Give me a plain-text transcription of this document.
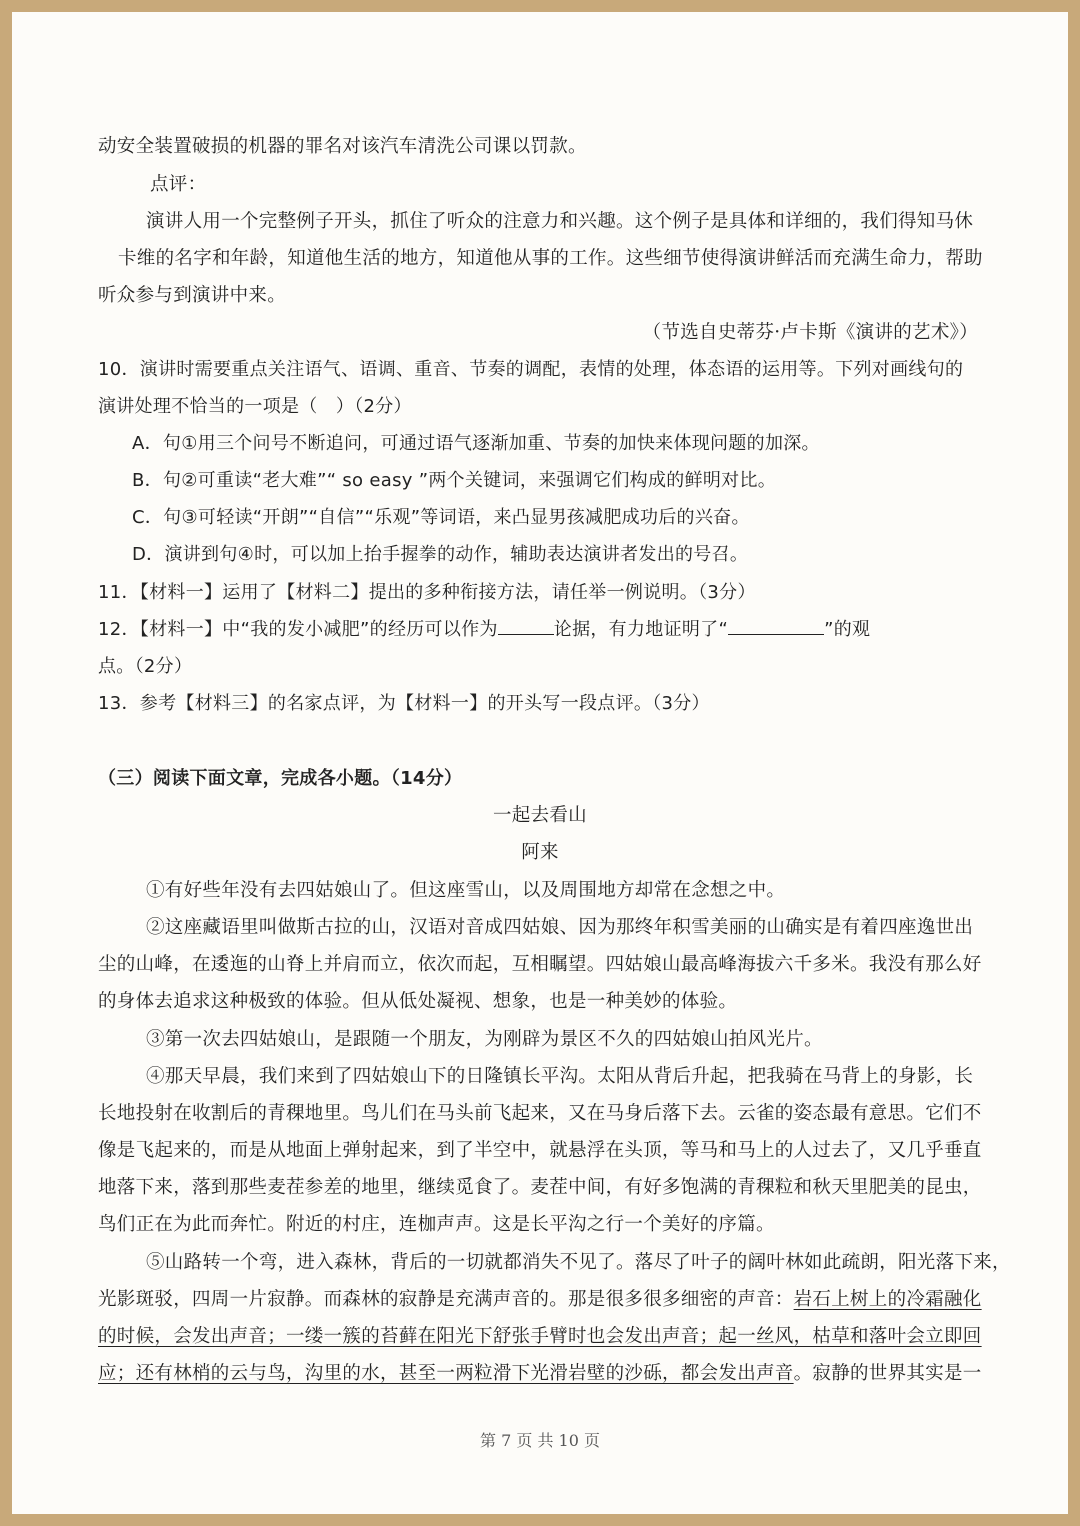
动安全装置破损的机器的罪名对该汽车清洗公司课以罚款。
点评：
演讲人用一个完整例子开头，抓住了听众的注意力和兴趣。这个例子是具体和详细的，我们得知马休
卡维的名字和年龄，知道他生活的地方，知道他从事的工作。这些细节使得演讲鲜活而充满生命力，帮助
听众参与到演讲中来。
（节选自史蒂芬·卢卡斯《演讲的艺术》）
10．演讲时需要重点关注语气、语调、重音、节奏的调配，表情的处理，体态语的运用等。下列对画线句的
演讲处理不恰当的一项是（　）（2分）
A．句①用三个问号不断追问，可通过语气逐渐加重、节奏的加快来体现问题的加深。
B．句②可重读“老大难”“ so easy ”两个关键词，来强调它们构成的鲜明对比。
C．句③可轻读“开朗”“自信”“乐观”等词语，来凸显男孩减肥成功后的兴奋。
D．演讲到句④时，可以加上抬手握拳的动作，辅助表达演讲者发出的号召。
11．【材料一】运用了【材料二】提出的多种衔接方法，请任举一例说明。（3分）
12．【材料一】中“我的发小减肥”的经历可以作为	论据，有力地证明了“	”的观
点。（2分）
13．参考【材料三】的名家点评，为【材料一】的开头写一段点评。（3分）
（三）阅读下面文章，完成各小题。（14分）
一起去看山
阿来
①有好些年没有去四姑娘山了。但这座雪山，以及周围地方却常在念想之中。
②这座藏语里叫做斯古拉的山，汉语对音成四姑娘、因为那终年积雪美丽的山确实是有着四座逸世出
尘的山峰，在逶迤的山脊上并肩而立，依次而起，互相瞩望。四姑娘山最高峰海拔六千多米。我没有那么好
的身体去追求这种极致的体验。但从低处凝视、想象，也是一种美妙的体验。
③第一次去四姑娘山，是跟随一个朋友，为刚辟为景区不久的四姑娘山拍风光片。
④那天早晨，我们来到了四姑娘山下的日隆镇长平沟。太阳从背后升起，把我骑在马背上的身影，长
长地投射在收割后的青稞地里。鸟儿们在马头前飞起来，又在马身后落下去。云雀的姿态最有意思。它们不
像是飞起来的，而是从地面上弹射起来，到了半空中，就悬浮在头顶，等马和马上的人过去了，又几乎垂直
地落下来，落到那些麦茬参差的地里，继续觅食了。麦茬中间，有好多饱满的青稞粒和秋天里肥美的昆虫，
鸟们正在为此而奔忙。附近的村庄，连枷声声。这是长平沟之行一个美好的序篇。
⑤山路转一个弯，进入森林，背后的一切就都消失不见了。落尽了叶子的阔叶林如此疏朗，阳光落下来，
光影斑驳，四周一片寂静。而森林的寂静是充满声音的。那是很多很多细密的声音：岩石上树上的冷霜融化
的时候，会发出声音；一缕一簇的苔藓在阳光下舒张手臂时也会发出声音；起一丝风，枯草和落叶会立即回
应；还有林梢的云与鸟，沟里的水，甚至一两粒滑下光滑岩壁的沙砾，都会发出声音。寂静的世界其实是一
第 7 页 共 10 页
